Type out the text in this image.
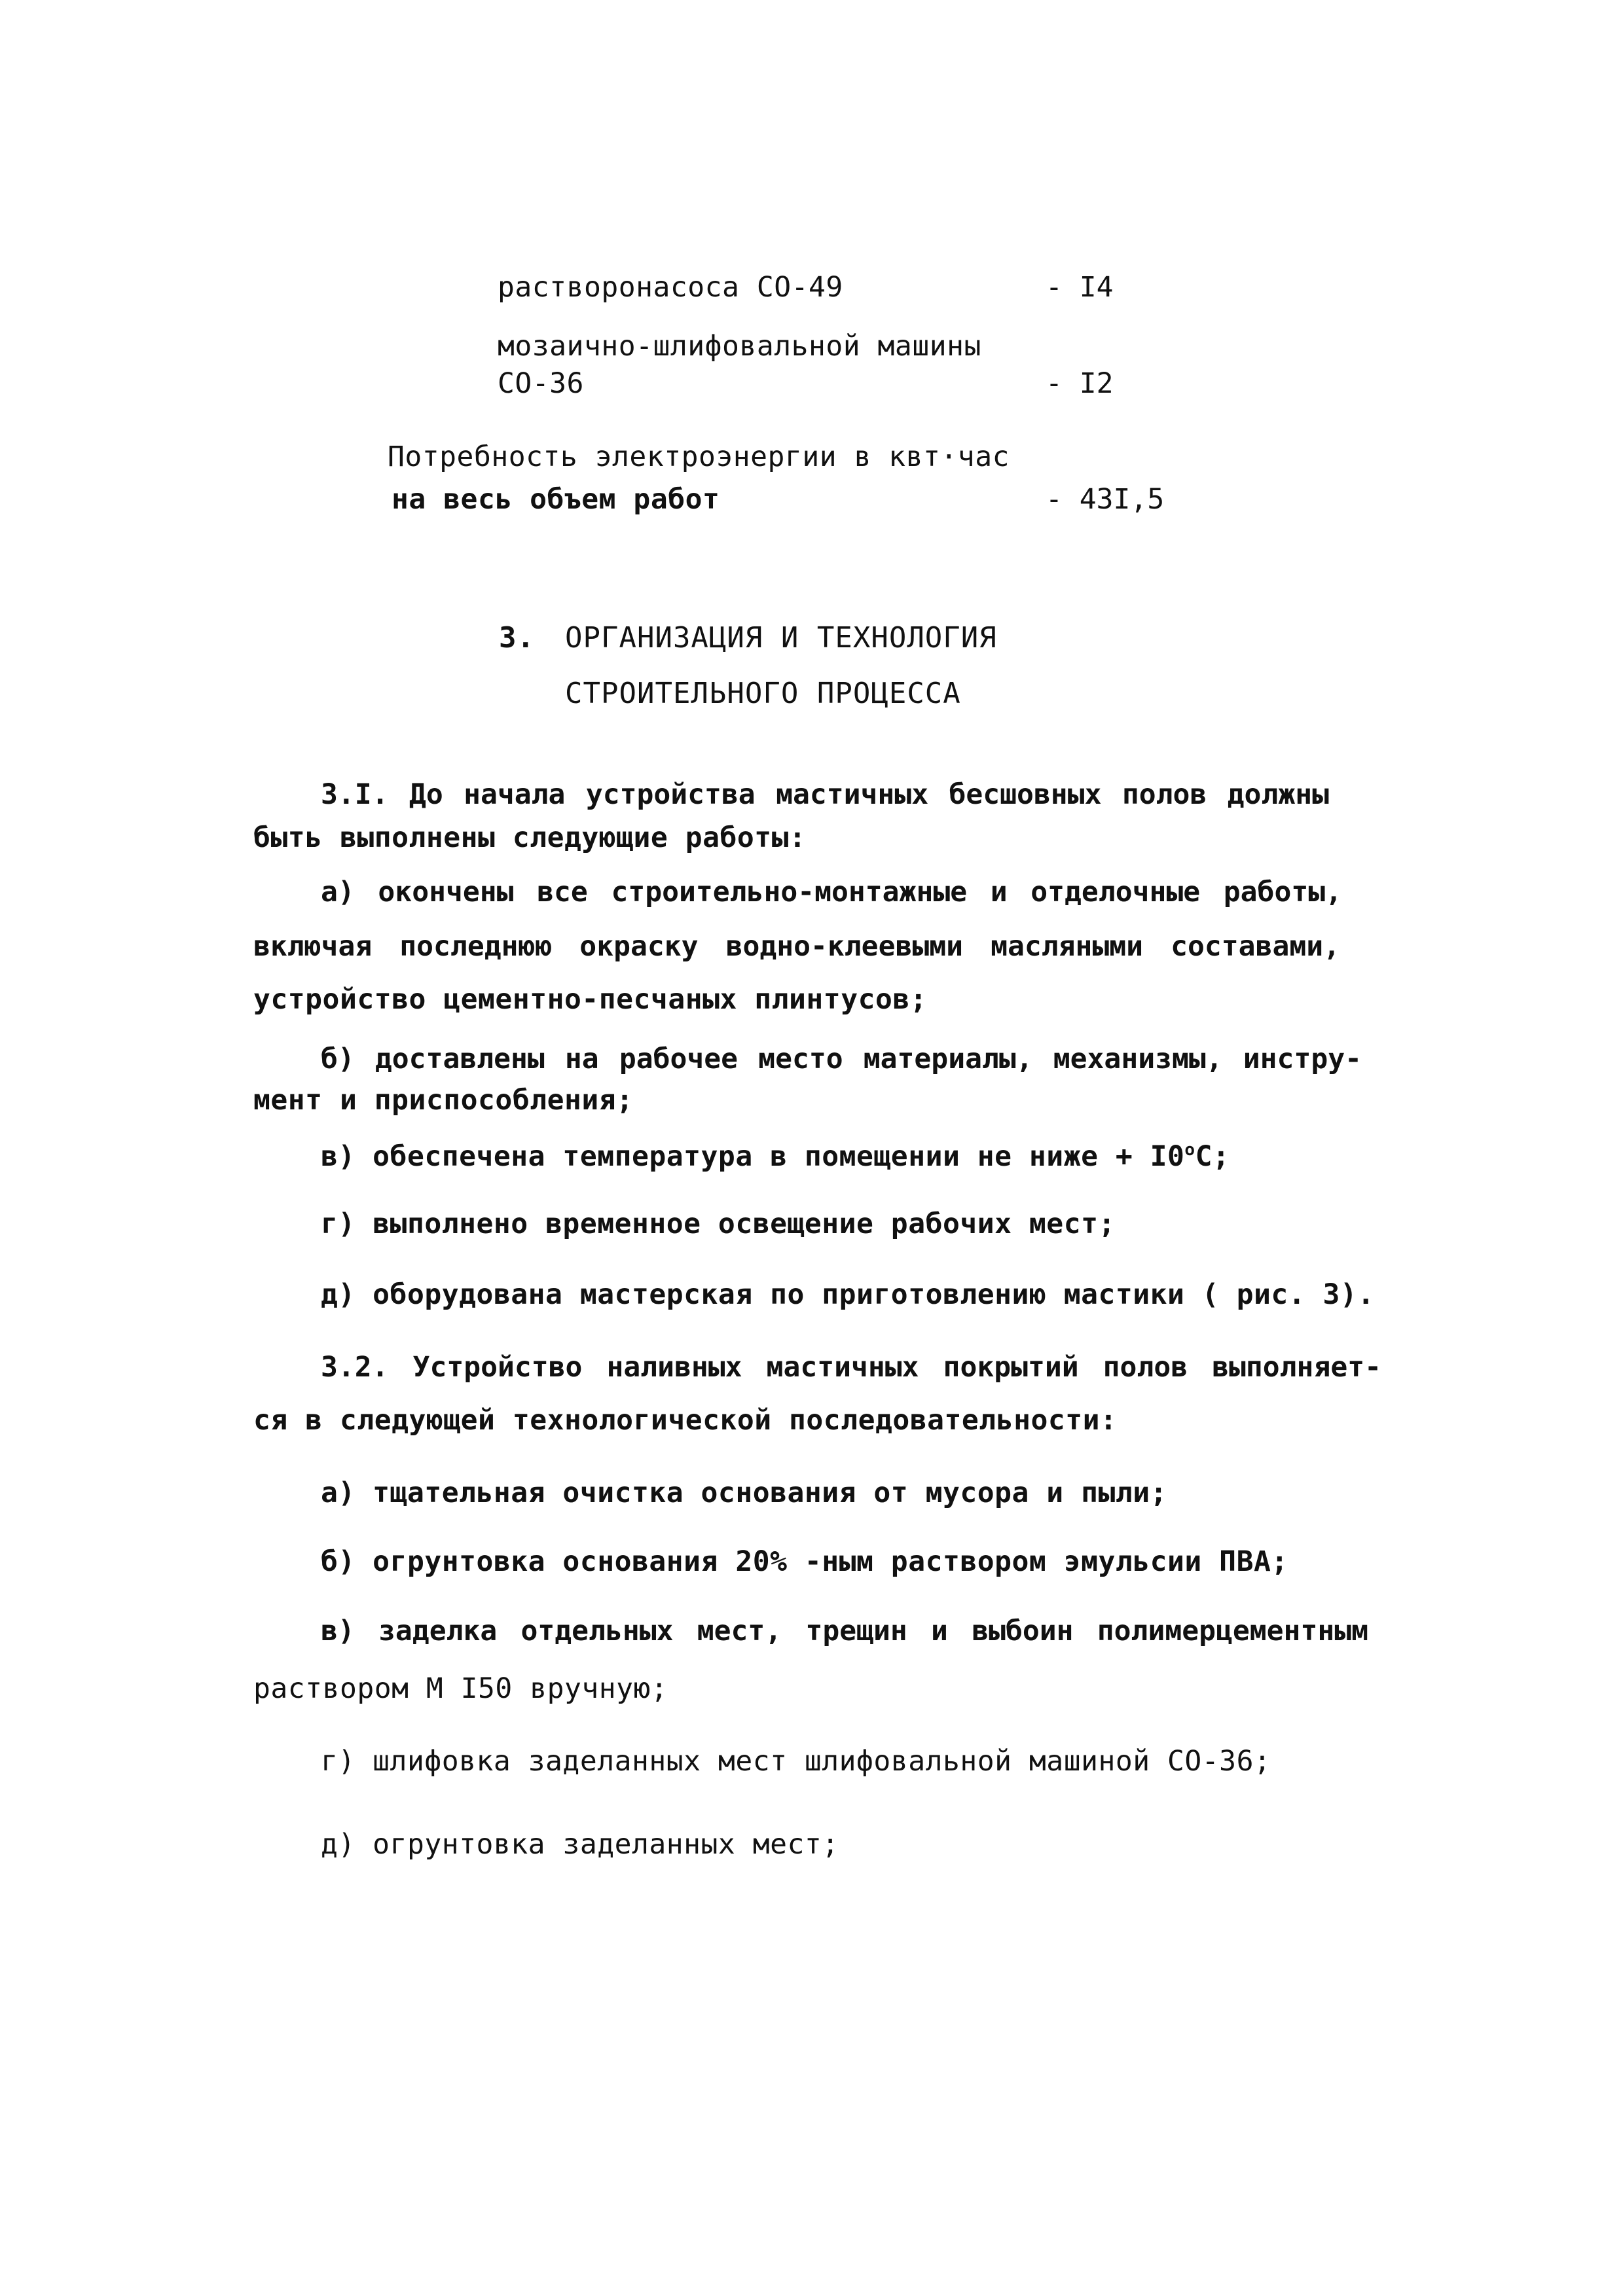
растворонасоса СО-49	- I4
мозаично-шлифовальной машины
СО-36	- I2
Потребность электроэнергии в квт·час
на весь объем работ	- 43I,5
3. ОРГАНИЗАЦИЯ И ТЕХНОЛОГИЯ
СТРОИТЕЛЬНОГО ПРОЦЕССА
3.I. До начала устройства мастичных бесшовных полов должны
быть выполнены следующие работы:
а) окончены все строительно-монтажные и отделочные работы,
включая последнюю окраску водно-клеевыми масляными составами,
устройство цементно-песчаных плинтусов;
б) доставлены на рабочее место материалы, механизмы, инстру-
мент и приспособления;
в) обеспечена температура в помещении не ниже + $I0^оС$;
г) выполнено временное освещение рабочих мест;
д) оборудована мастерская по приготовлению мастики ( рис. 3).
3.2. Устройство наливных мастичных покрытий полов выполняет-
ся в следующей технологической последовательности:
а) тщательная очистка основания от мусора и пыли;
б) огрунтовка основания 20% -ным раствором эмульсии ПВА;
в) заделка отдельных мест, трещин и выбоин полимерцементным
раствором М I50 вручную;
г) шлифовка заделанных мест шлифовальной машиной СО-36;
д) огрунтовка заделанных мест;
